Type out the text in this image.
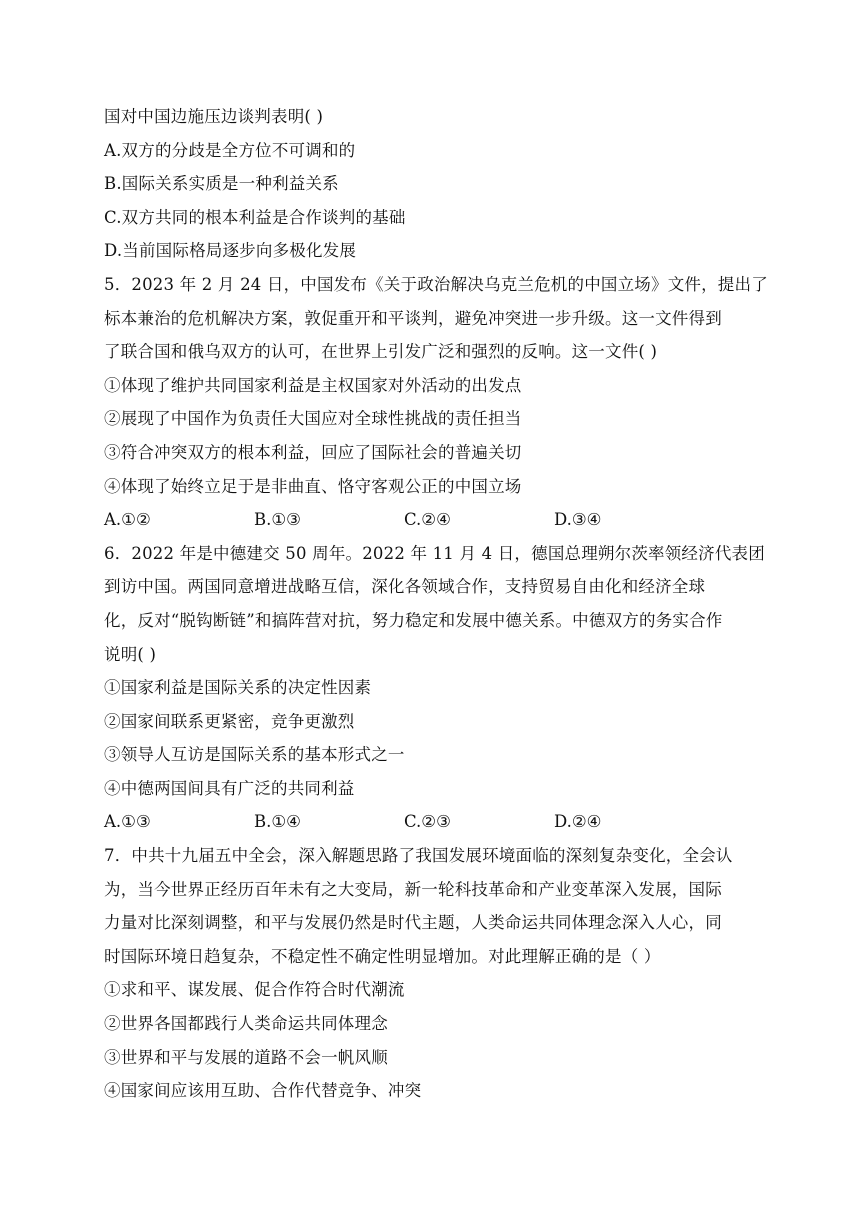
国对中国边施压边谈判表明( )
A.双方的分歧是全方位不可调和的
B.国际关系实质是一种利益关系
C.双方共同的根本利益是合作谈判的基础
D.当前国际格局逐步向多极化发展
5．2023 年 2 月 24 日，中国发布《关于政治解决乌克兰危机的中国立场》文件，提出了
标本兼治的危机解决方案，敦促重开和平谈判，避免冲突进一步升级。这一文件得到
了联合国和俄乌双方的认可，在世界上引发广泛和强烈的反响。这一文件( )
①体现了维护共同国家利益是主权国家对外活动的出发点
②展现了中国作为负责任大国应对全球性挑战的责任担当
③符合冲突双方的根本利益，回应了国际社会的普遍关切
④体现了始终立足于是非曲直、恪守客观公正的中国立场
A.①②	B.①③	C.②④	D.③④
6．2022 年是中德建交 50 周年。2022 年 11 月 4 日，德国总理朔尔茨率领经济代表团
到访中国。两国同意增进战略互信，深化各领域合作，支持贸易自由化和经济全球
化，反对“脱钩断链”和搞阵营对抗，努力稳定和发展中德关系。中德双方的务实合作
说明( )
①国家利益是国际关系的决定性因素
②国家间联系更紧密，竞争更激烈
③领导人互访是国际关系的基本形式之一
④中德两国间具有广泛的共同利益
A.①③	B.①④	C.②③	D.②④
7．中共十九届五中全会，深入解题思路了我国发展环境面临的深刻复杂变化，全会认
为，当今世界正经历百年未有之大变局，新一轮科技革命和产业变革深入发展，国际
力量对比深刻调整，和平与发展仍然是时代主题，人类命运共同体理念深入人心，同
时国际环境日趋复杂，不稳定性不确定性明显增加。对此理解正确的是（ ）
①求和平、谋发展、促合作符合时代潮流
②世界各国都践行人类命运共同体理念
③世界和平与发展的道路不会一帆风顺
④国家间应该用互助、合作代替竞争、冲突
